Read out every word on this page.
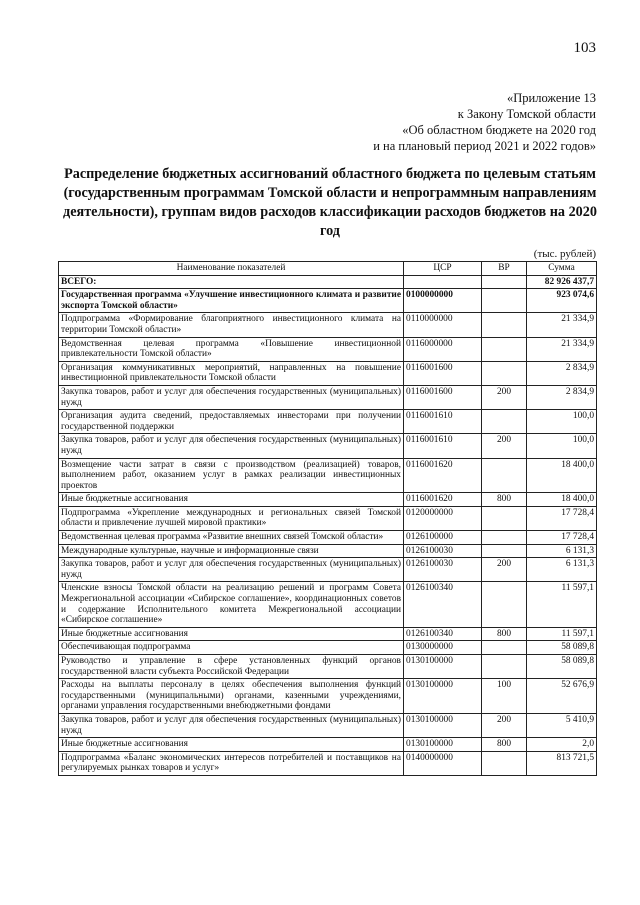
103
«Приложение 13
к Закону Томской области
«Об областном бюджете на 2020 год
и на плановый период 2021 и 2022 годов»
Распределение бюджетных ассигнований областного бюджета по целевым статьям (государственным программам Томской области и непрограммным направлениям деятельности), группам видов расходов классификации расходов бюджетов на 2020 год
(тыс. рублей)
Наименование показателей	ЦСР	ВР	Сумма
ВСЕГО:			82 926 437,7
Государственная программа «Улучшение инвестиционного климата и развитие экспорта Томской области»	0100000000		923 074,6
Подпрограмма «Формирование благоприятного инвестиционного климата на территории Томской области»	0110000000		21 334,9
Ведомственная целевая программа «Повышение инвестиционной привлекательности Томской области»	0116000000		21 334,9
Организация коммуникативных мероприятий, направленных на повышение инвестиционной привлекательности Томской области	0116001600		2 834,9
Закупка товаров, работ и услуг для обеспечения государственных (муниципальных) нужд	0116001600	200	2 834,9
Организация аудита сведений, предоставляемых инвесторами при получении государственной поддержки	0116001610		100,0
Закупка товаров, работ и услуг для обеспечения государственных (муниципальных) нужд	0116001610	200	100,0
Возмещение части затрат в связи с производством (реализацией) товаров, выполнением работ, оказанием услуг в рамках реализации инвестиционных проектов	0116001620		18 400,0
Иные бюджетные ассигнования	0116001620	800	18 400,0
Подпрограмма «Укрепление международных и региональных связей Томской области и привлечение лучшей мировой практики»	0120000000		17 728,4
Ведомственная целевая программа «Развитие внешних связей Томской области»	0126100000		17 728,4
Международные культурные, научные и информационные связи	0126100030		6 131,3
Закупка товаров, работ и услуг для обеспечения государственных (муниципальных) нужд	0126100030	200	6 131,3
Членские взносы Томской области на реализацию решений и программ Совета Межрегиональной ассоциации «Сибирское соглашение», координационных советов и содержание Исполнительного комитета Межрегиональной ассоциации «Сибирское соглашение»	0126100340		11 597,1
Иные бюджетные ассигнования	0126100340	800	11 597,1
Обеспечивающая подпрограмма	0130000000		58 089,8
Руководство и управление в сфере установленных функций органов государственной власти субъекта Российской Федерации	0130100000		58 089,8
Расходы на выплаты персоналу в целях обеспечения выполнения функций государственными (муниципальными) органами, казенными учреждениями, органами управления государственными внебюджетными фондами	0130100000	100	52 676,9
Закупка товаров, работ и услуг для обеспечения государственных (муниципальных) нужд	0130100000	200	5 410,9
Иные бюджетные ассигнования	0130100000	800	2,0
Подпрограмма «Баланс экономических интересов потребителей и поставщиков на регулируемых рынках товаров и услуг»	0140000000		813 721,5
